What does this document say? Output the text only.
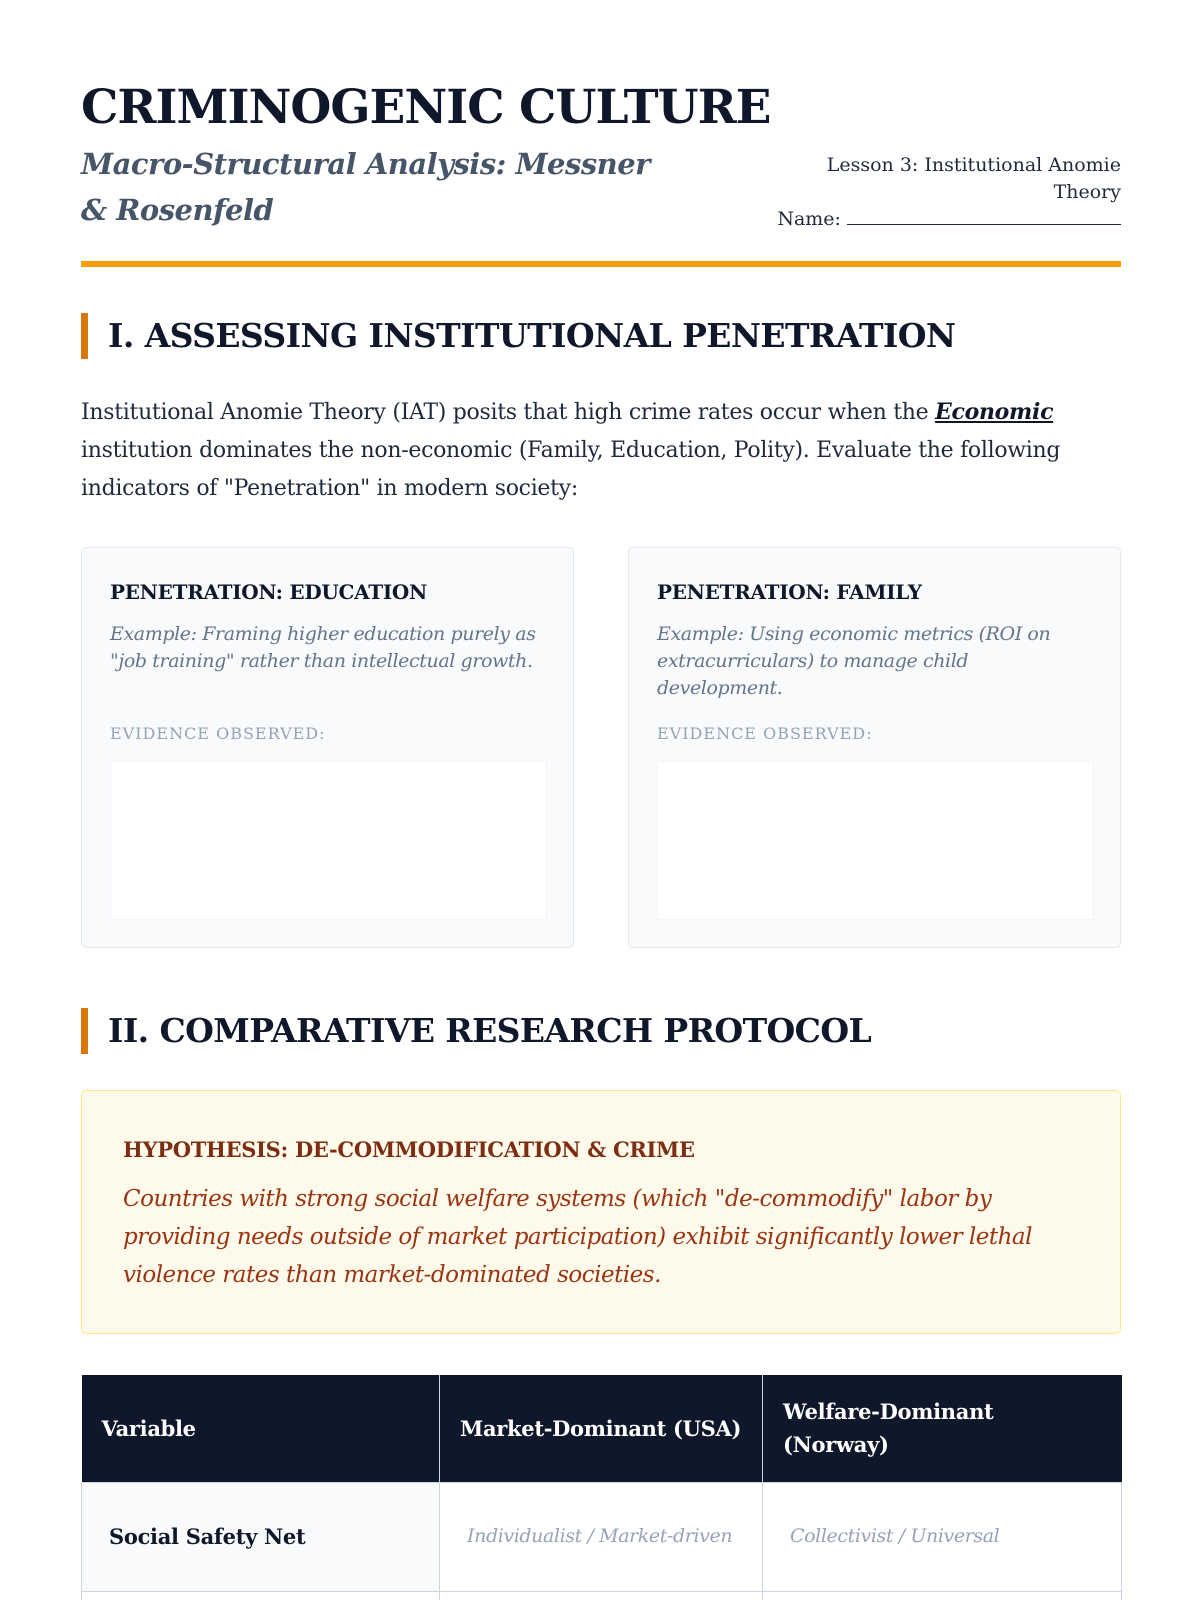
CRIMINOGENIC CULTURE
Macro-Structural Analysis: Messner & Rosenfeld
Lesson 3: Institutional Anomie Theory
Name:
I. ASSESSING INSTITUTIONAL PENETRATION

Institutional Anomie Theory (IAT) posits that high crime rates occur when the Economic institution dominates the non-economic (Family, Education, Polity). Evaluate the following indicators of "Penetration" in modern society:

PENETRATION: EDUCATION
Example: Framing higher education purely as "job training" rather than intellectual growth.
EVIDENCE OBSERVED:
PENETRATION: FAMILY
Example: Using economic metrics (ROI on extracurriculars) to manage child development.
EVIDENCE OBSERVED:
II. COMPARATIVE RESEARCH PROTOCOL
HYPOTHESIS: DE-COMMODIFICATION & CRIME
Countries with strong social welfare systems (which "de-commodify" labor by providing needs outside of market participation) exhibit significantly lower lethal violence rates than market-dominated societies.
Variable	Market-Dominant (USA)	Welfare-Dominant (Norway)
Social Safety Net	Individualist / Market-driven	Collectivist / Universal
